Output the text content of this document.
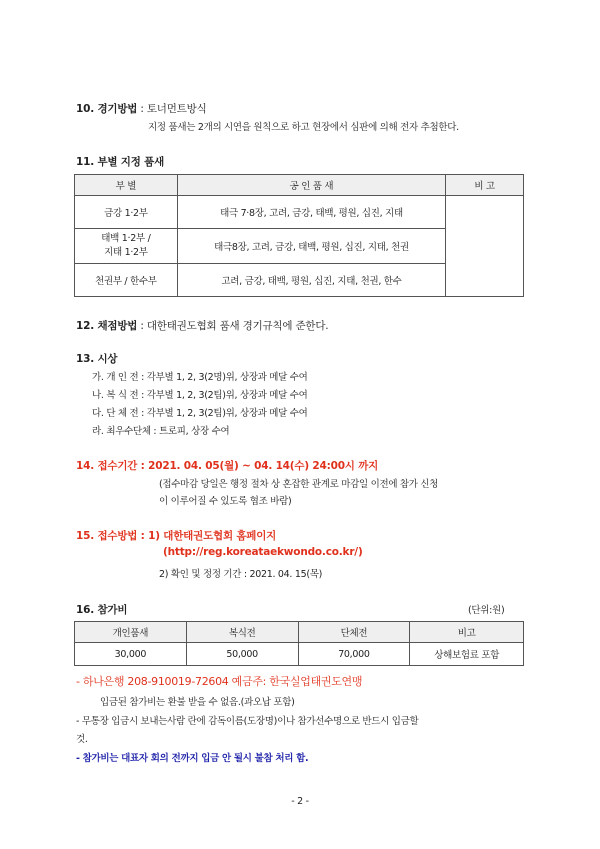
10. 경기방법 : 토너먼트방식
지정 품새는 2개의 시연을 원칙으로 하고 현장에서 심판에 의해 전자 추첨한다.
11. 부별 지정 품새
부 별	공 인 품 새	비 고
금강 1·2부	태극 7·8장, 고려, 금강, 태백, 평원, 십진, 지태	

태백 1·2부 /
지태 1·2부	태극8장, 고려, 금강, 태백, 평원, 십진, 지태, 천권	
천권부 / 한수부	고려, 금강, 태백, 평원, 십진, 지태, 천권, 한수	
12. 채점방법 : 대한태권도협회 품새 경기규칙에 준한다.
13. 시상
가. 개 인 전 : 각부별 1, 2, 3(2명)위, 상장과 메달 수여
나. 복 식 전 : 각부별 1, 2, 3(2팀)위, 상장과 메달 수여
다. 단 체 전 : 각부별 1, 2, 3(2팀)위, 상장과 메달 수여
라. 최우수단체 : 트로피, 상장 수여
14. 접수기간 : 2021. 04. 05(월) ~ 04. 14(수) 24:00시 까지
(접수마감 당일은 행정 절차 상 혼잡한 관계로 마감일 이전에 참가 신청
이 이루어질 수 있도록 협조 바람)
15. 접수방법 : 1) 대한태권도협회 홈페이지
(http://reg.koreataekwondo.co.kr/)
2) 확인 및 정정 기간 : 2021. 04. 15(목)
16. 참가비	(단위:원)
개인품새	복식전	단체전	비고
30,000	50,000	70,000	상해보험료 포함
- 하나은행 208-910019-72604 예금주: 한국실업태권도연맹
입금된 참가비는 환불 받을 수 없음.(과오납 포함)
- 무통장 입금시 보내는사람 란에 감독이름(도장명)이나 참가선수명으로 반드시 입금할
것.
- 참가비는 대표자 회의 전까지 입금 안 될시 불참 처리 함.
- 2 -
